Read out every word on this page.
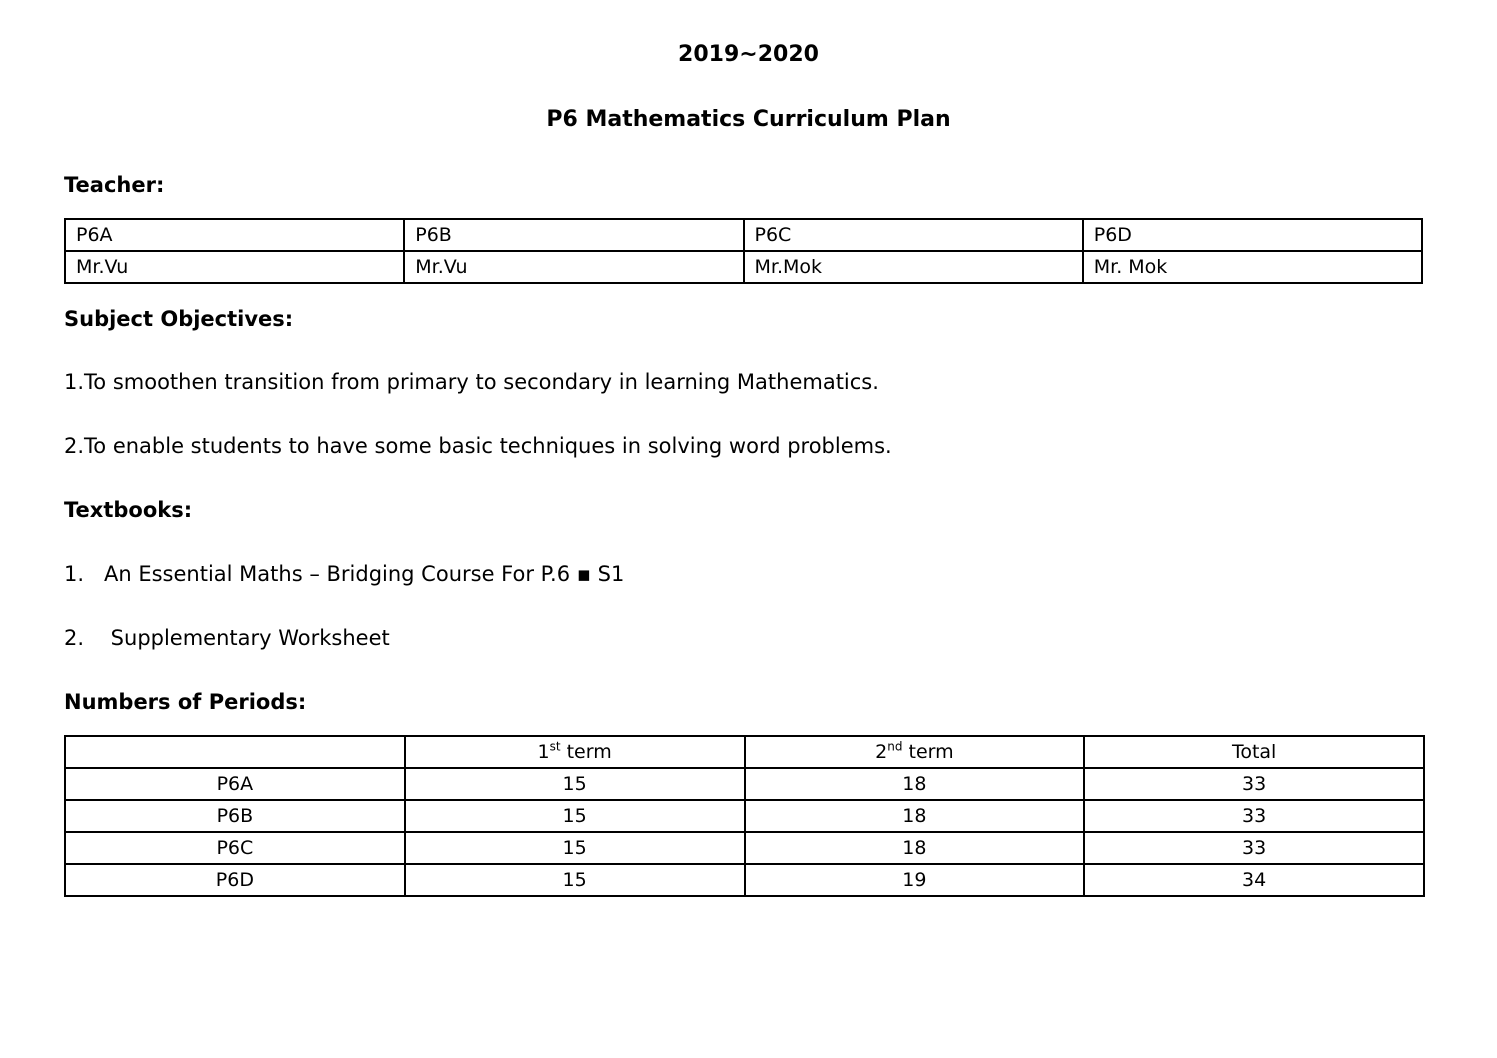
2019~2020
P6 Mathematics Curriculum Plan
Teacher:
P6A	P6B	P6C	P6D
Mr.Vu	Mr.Vu	Mr.Mok	Mr. Mok
Subject Objectives:
1.To smoothen transition from primary to secondary in learning Mathematics.
2.To enable students to have some basic techniques in solving word problems.
Textbooks:
1. An Essential Maths – Bridging Course For P.6 ▪ S1
2. Supplementary Worksheet
Numbers of Periods:
	1st term	2nd term	Total
P6A	15	18	33
P6B	15	18	33
P6C	15	18	33
P6D	15	19	34
